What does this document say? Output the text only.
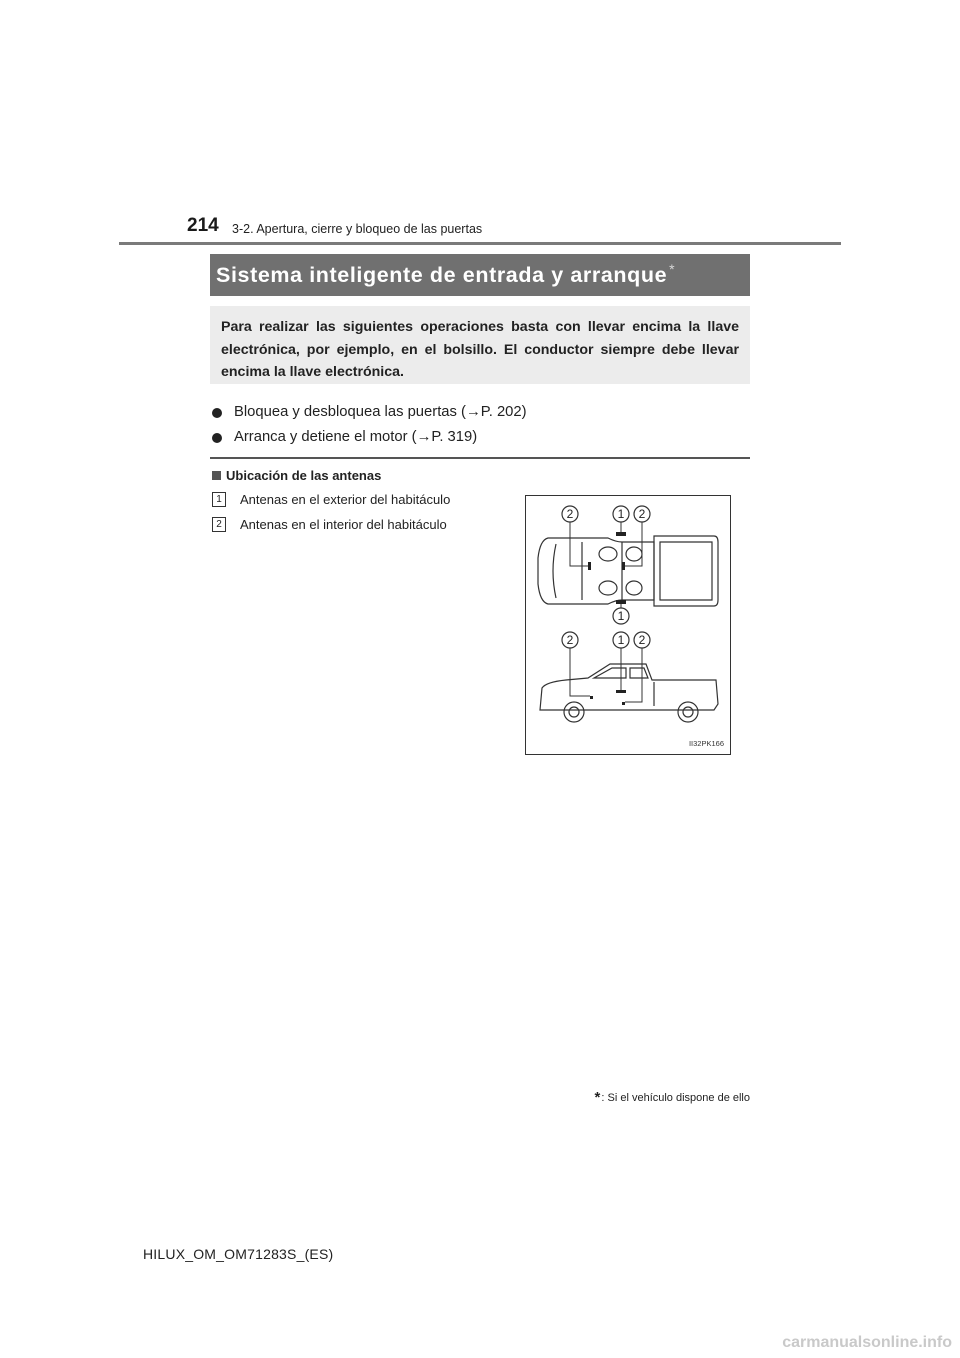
214 3-2. Apertura, cierre y bloqueo de las puertas
Sistema inteligente de entrada y arranque *
Para realizar las siguientes operaciones basta con llevar encima la llave electrónica, por ejemplo, en el bolsillo. El conductor siempre debe llevar encima la llave electrónica.
Bloquea y desbloquea las puertas (→P. 202)
Arranca y detiene el motor (→P. 319)
Ubicación de las antenas
1	Antenas en el exterior del habitáculo
2	Antenas en el interior del habitáculo
2	1 2
1
2	1 2
II32PK166
* : Si el vehículo dispone de ello
HILUX_OM_OM71283S_(ES)
carmanualsonline.info
